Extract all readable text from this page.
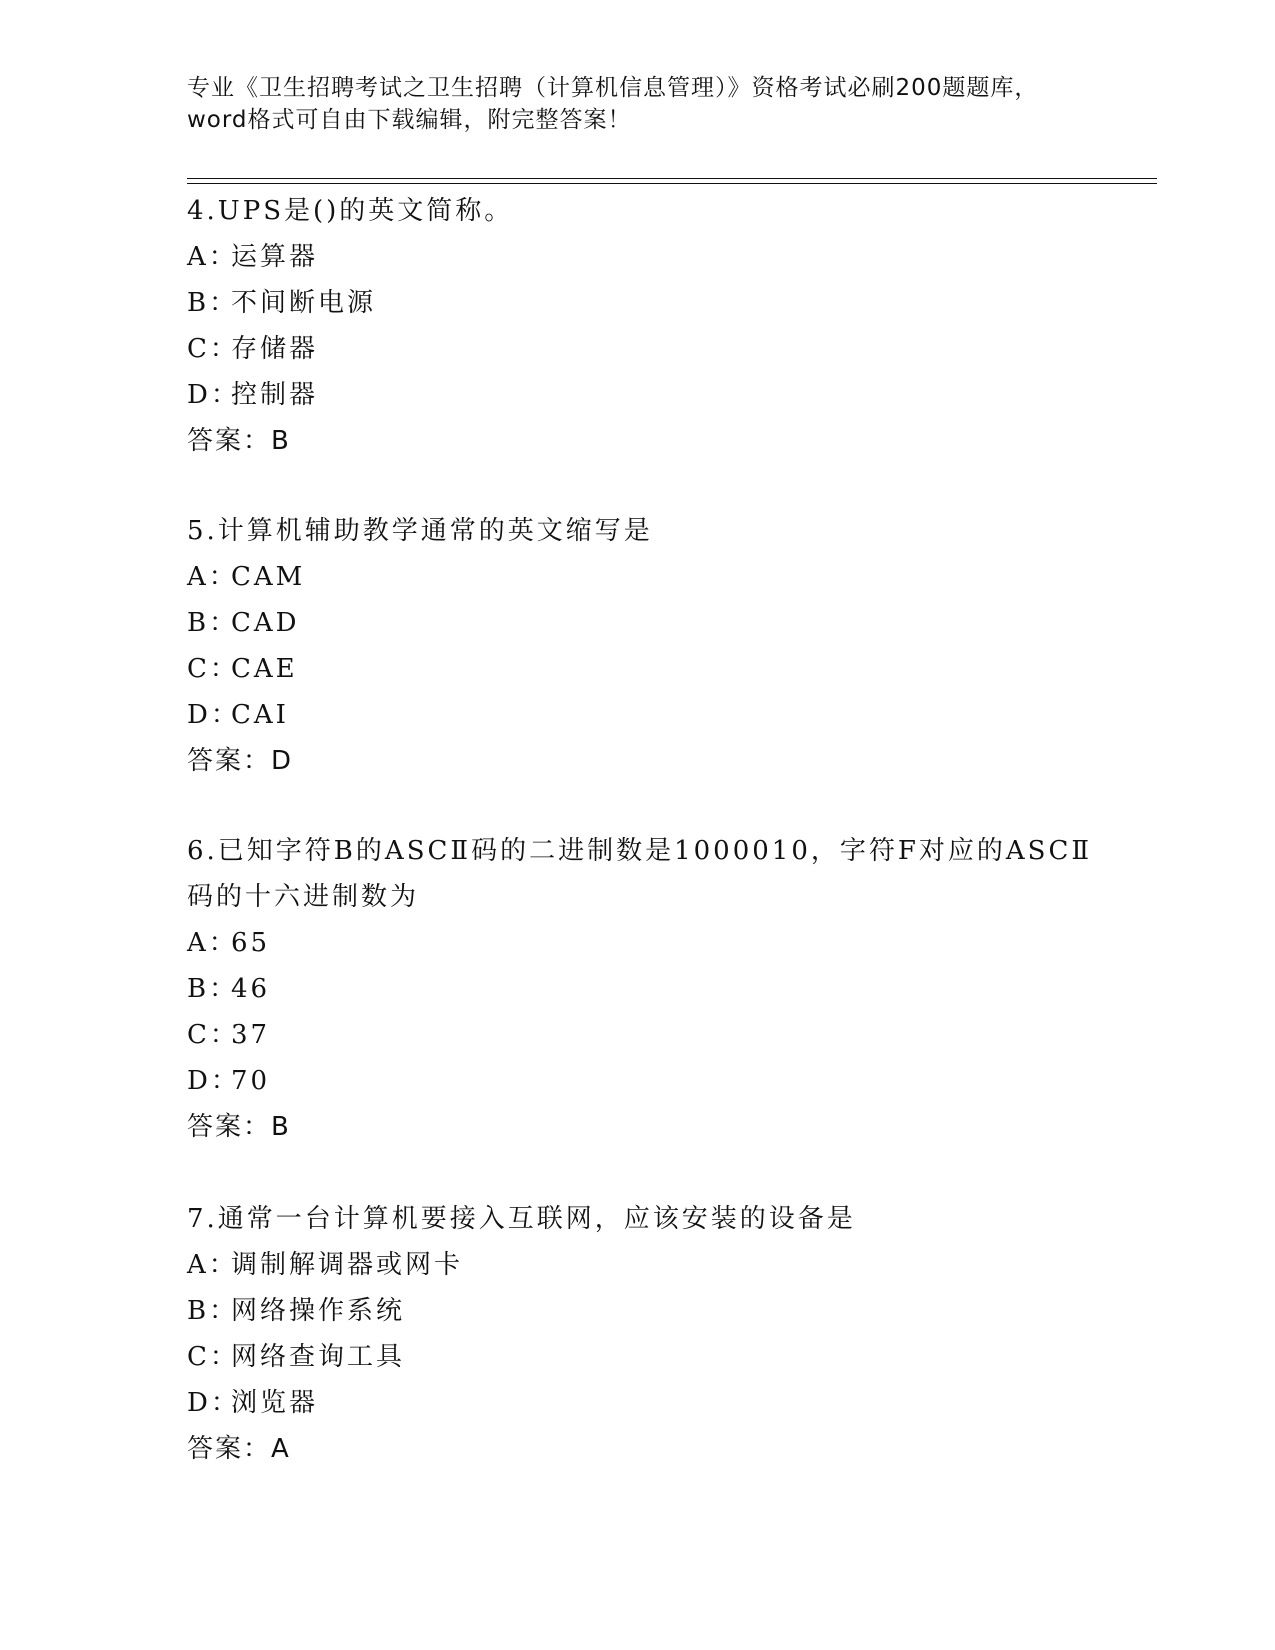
专业《卫生招聘考试之卫生招聘（计算机信息管理）》资格考试必刷200题题库，
word格式可自由下载编辑，附完整答案！
4.UPS是()的英文简称。
A：运算器
B：不间断电源
C：存储器
D：控制器
答案：B
5.计算机辅助教学通常的英文缩写是
A：CAM
B：CAD
C：CAE
D：CAI
答案：D
6.已知字符B的ASCⅡ码的二进制数是1000010，字符F对应的ASCⅡ
码的十六进制数为
A：65
B：46
C：37
D：70
答案：B
7.通常一台计算机要接入互联网，应该安装的设备是
A：调制解调器或网卡
B：网络操作系统
C：网络查询工具
D：浏览器
答案：A
